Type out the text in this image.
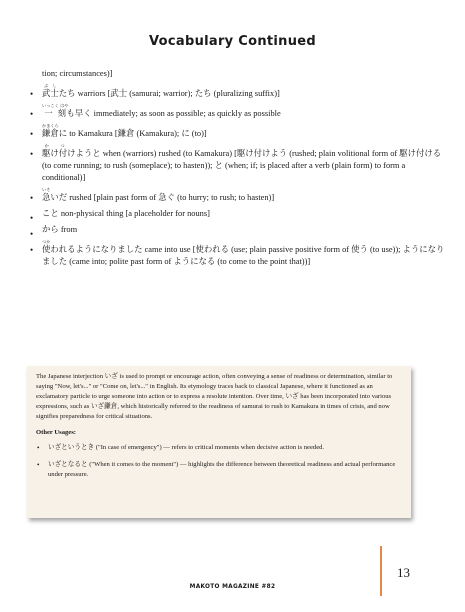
Vocabulary Continued
tion; circumstances)]
• 武士ぶしたち warriors [武士 (samurai; warrior); たち (pluralizing suffix)]
• 一刻いっこく はやも早く immediately; as soon as possible; as quickly as possible
• 鎌倉かまくらに to Kamakura [鎌倉 (Kamakura); に (to)]
• 駆け付か つけようと when (warriors) rushed (to Kamakura) [駆け付けよう (rushed; plain volitional form of 駆け付ける (to come running; to rush (someplace); to hasten)); と (when; if; is placed after a verb (plain form) to form a conditional)]
• 急いそいだ rushed [plain past form of 急ぐ (to hurry; to rush; to hasten)]
• こと non-physical thing [a placeholder for nouns]
• から from
• 使つかわれるようになりました came into use [使われる (use; plain passive positive form of 使う (to use)); ようになりました (came into; polite past form of ようになる (to come to the point that))]

The Japanese interjection いざ is used to prompt or encourage action, often conveying a sense of readiness or determination, similar to saying "Now, let's..." or "Come on, let's..." in English. Its etymology traces back to classical Japanese, where it functioned as an exclamatory particle to urge someone into action or to express a resolute intention. Over time, いざ has been incorporated into various expressions, such as いざ鎌倉, which historically referred to the readiness of samurai to rush to Kamakura in times of crisis, and now signifies preparedness for critical situations.

Other Usages:

• いざというとき ("In case of emergency") — refers to critical moments when decisive action is needed.

• いざとなると ("When it comes to the moment") — highlights the difference between theoretical readiness and actual performance under pressure.

MAKOTO MAGAZINE #82
13
